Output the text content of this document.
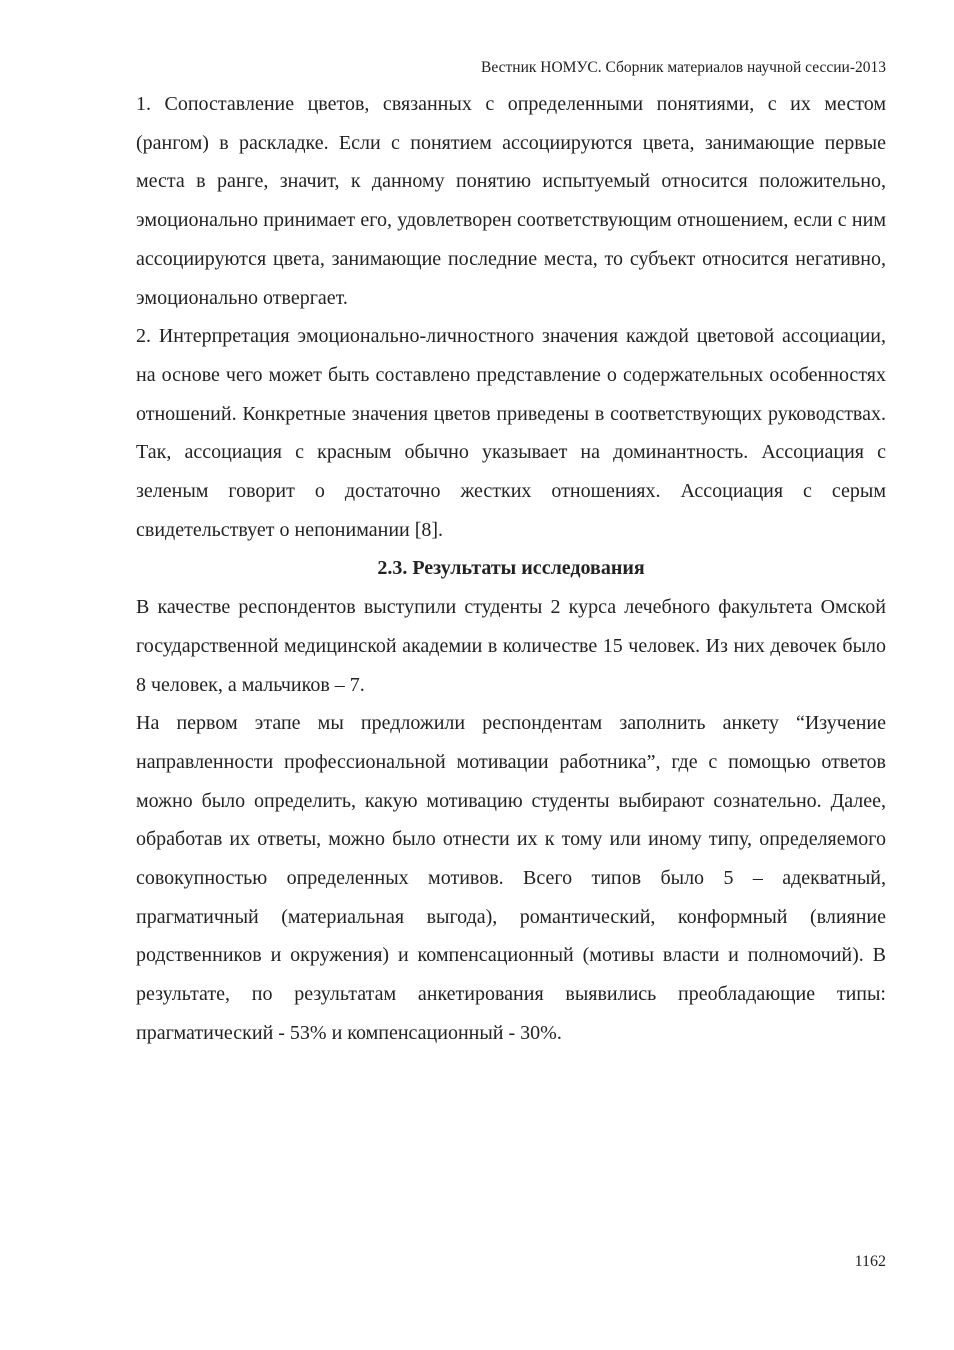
Вестник НОМУС. Сборник материалов научной сессии-2013

1. Сопоставление цветов, связанных с определенными понятиями, с их местом (рангом) в раскладке. Если с понятием ассоциируются цвета, занимающие первые места в ранге, значит, к данному понятию испытуемый относится положительно, эмоционально принимает его, удовлетворен соответствующим отношением, если с ним ассоциируются цвета, занимающие последние места, то субъект относится негативно, эмоционально отвергает.

2. Интерпретация эмоционально-личностного значения каждой цветовой ассоциации, на основе чего может быть составлено представление о содержательных особенностях отношений. Конкретные значения цветов приведены в соответствующих руководствах. Так, ассоциация с красным обычно указывает на доминантность. Ассоциация с зеленым говорит о достаточно жестких отношениях. Ассоциация с серым свидетельствует о непонимании [8].

2.3. Результаты исследования

В качестве респондентов выступили студенты 2 курса лечебного факультета Омской государственной медицинской академии в количестве 15 человек. Из них девочек было 8 человек, а мальчиков – 7.

На первом этапе мы предложили респондентам заполнить анкету “Изучение направленности профессиональной мотивации работника”, где с помощью ответов можно было определить, какую мотивацию студенты выбирают сознательно. Далее, обработав их ответы, можно было отнести их к тому или иному типу, определяемого совокупностью определенных мотивов. Всего типов было 5 – адекватный, прагматичный (материальная выгода), романтический, конформный (влияние родственников и окружения) и компенсационный (мотивы власти и полномочий). В результате, по результатам анкетирования выявились преобладающие типы: прагматический - 53% и компенсационный - 30%.

1162
